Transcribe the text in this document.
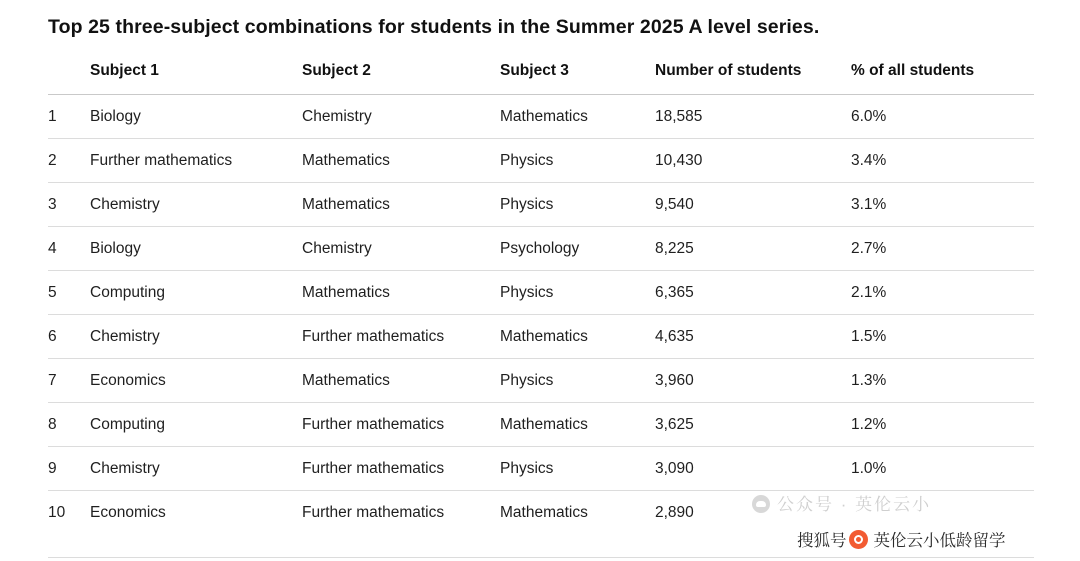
Top 25 three-subject combinations for students in the Summer 2025 A level series.
	Subject 1	Subject 2	Subject 3	Number of students	% of all students
1	Biology	Chemistry	Mathematics	18,585	6.0%
2	Further mathematics	Mathematics	Physics	10,430	3.4%
3	Chemistry	Mathematics	Physics	9,540	3.1%
4	Biology	Chemistry	Psychology	8,225	2.7%
5	Computing	Mathematics	Physics	6,365	2.1%
6	Chemistry	Further mathematics	Mathematics	4,635	1.5%
7	Economics	Mathematics	Physics	3,960	1.3%
8	Computing	Further mathematics	Mathematics	3,625	1.2%
9	Chemistry	Further mathematics	Physics	3,090	1.0%
10	Economics	Further mathematics	Mathematics	2,890		公众号 · 英伦云小
搜狐号 英伦云小低龄留学
